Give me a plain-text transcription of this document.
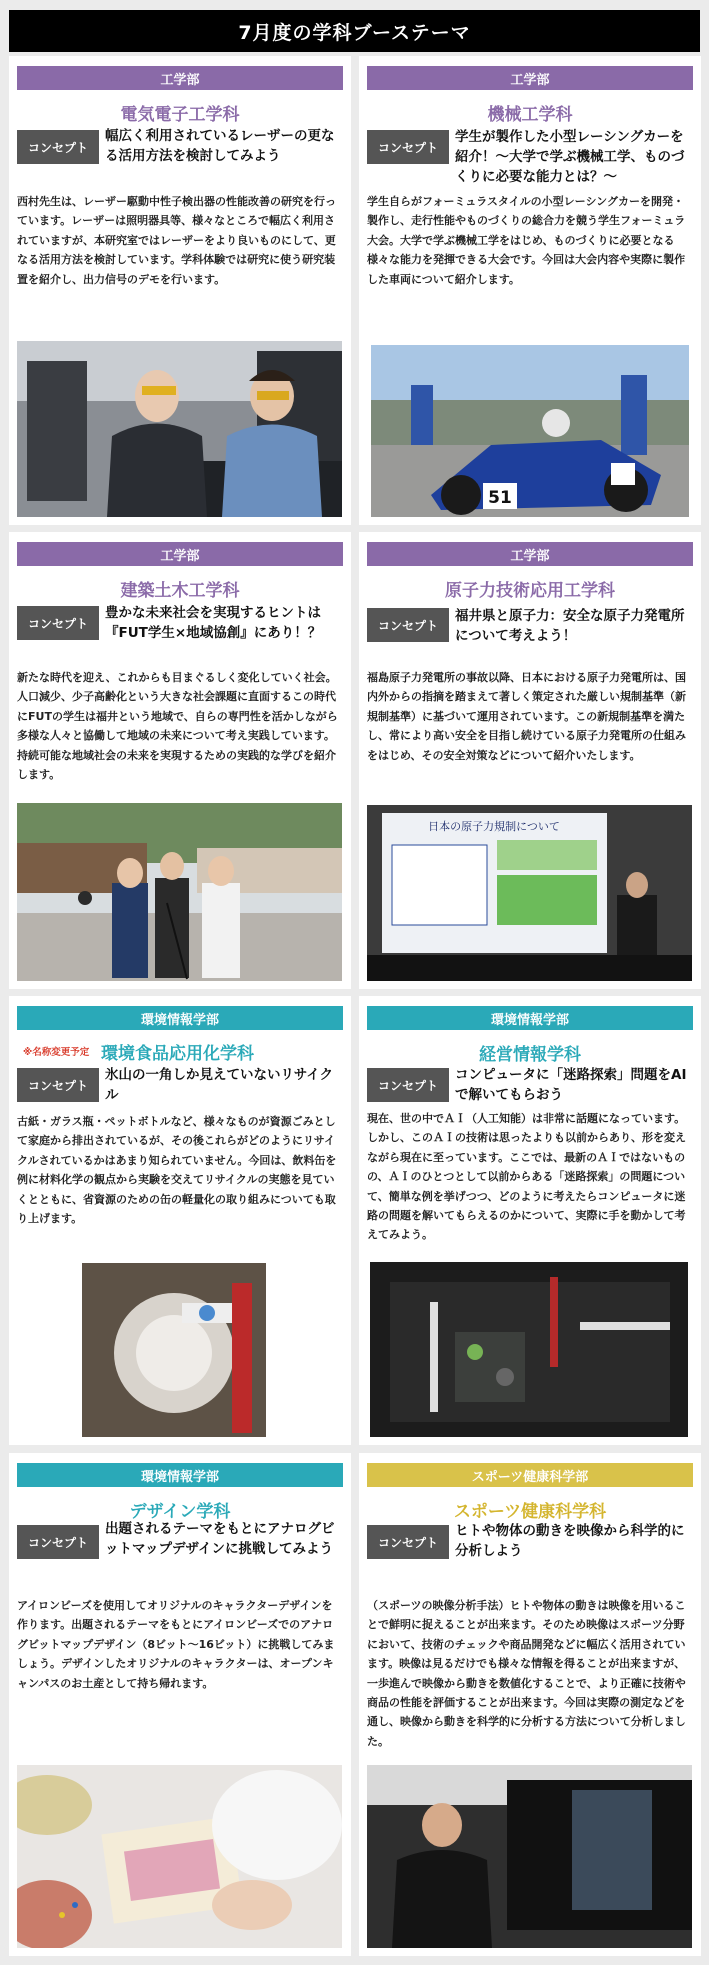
7月度の学科ブーステーマ
工学部
電気電子工学科
コンセプト
幅広く利用されているレーザーの更なる活用方法を検討してみよう
西村先生は、レーザー駆動中性子検出器の性能改善の研究を行っています。レーザーは照明器具等、様々なところで幅広く利用されていますが、本研究室ではレーザーをより良いものにして、更なる活用方法を検討しています。学科体験では研究に使う研究装置を紹介し、出力信号のデモを行います。
工学部
機械工学科
コンセプト
学生が製作した小型レーシングカーを紹介！〜大学で学ぶ機械工学、ものづくりに必要な能力とは？〜
学生自らがフォーミュラスタイルの小型レーシングカーを開発・製作し、走行性能やものづくりの総合力を競う学生フォーミュラ大会。大学で学ぶ機械工学をはじめ、ものづくりに必要となる様々な能力を発揮できる大会です。今回は大会内容や実際に製作した車両について紹介します。
51
工学部
建築土木工学科
コンセプト
豊かな未来社会を実現するヒントは『FUT学生×地域協創』にあり！？
新たな時代を迎え、これからも目まぐるしく変化していく社会。人口減少、少子高齢化という大きな社会課題に直面するこの時代にFUTの学生は福井という地域で、自らの専門性を活かしながら多様な人々と協働して地域の未来について考え実践しています。持続可能な地域社会の未来を実現するための実践的な学びを紹介します。
工学部
原子力技術応用工学科
コンセプト
福井県と原子力：安全な原子力発電所について考えよう！
福島原子力発電所の事故以降、日本における原子力発電所は、国内外からの指摘を踏まえて著しく策定された厳しい規制基準（新規制基準）に基づいて運用されています。この新規制基準を満たし、常により高い安全を目指し続けている原子力発電所の仕組みをはじめ、その安全対策などについて紹介いたします。
日本の原子力規制について
環境情報学部
※名称変更予定 環境食品応用化学科
コンセプト
氷山の一角しか見えていないリサイクル
古紙・ガラス瓶・ペットボトルなど、様々なものが資源ごみとして家庭から排出されているが、その後これらがどのようにリサイクルされているかはあまり知られていません。今回は、飲料缶を例に材料化学の観点から実験を交えてリサイクルの実態を見ていくとともに、省資源のための缶の軽量化の取り組みについても取り上げます。
環境情報学部
経営情報学科
コンセプト
コンピュータに「迷路探索」問題をAIで解いてもらおう
現在、世の中でＡＩ（人工知能）は非常に話題になっています。しかし、このＡＩの技術は思ったよりも以前からあり、形を変えながら現在に至っています。ここでは、最新のＡＩではないものの、ＡＩのひとつとして以前からある「迷路探索」の問題について、簡単な例を挙げつつ、どのように考えたらコンピュータに迷路の問題を解いてもらえるのかについて、実際に手を動かして考えてみよう。
環境情報学部
デザイン学科
コンセプト
出題されるテーマをもとにアナログビットマップデザインに挑戦してみよう
アイロンビーズを使用してオリジナルのキャラクターデザインを作ります。出題されるテーマをもとにアイロンビーズでのアナログビットマップデザイン（8ビット〜16ビット）に挑戦してみましょう。デザインしたオリジナルのキャラクターは、オープンキャンパスのお土産として持ち帰れます。
スポーツ健康科学部
スポーツ健康科学科
コンセプト
ヒトや物体の動きを映像から科学的に分析しよう
（スポーツの映像分析手法）ヒトや物体の動きは映像を用いることで鮮明に捉えることが出来ます。そのため映像はスポーツ分野において、技術のチェックや商品開発などに幅広く活用されています。映像は見るだけでも様々な情報を得ることが出来ますが、一歩進んで映像から動きを数値化することで、より正確に技術や商品の性能を評価することが出来ます。今回は実際の測定などを通し、映像から動きを科学的に分析する方法について分析しました。
